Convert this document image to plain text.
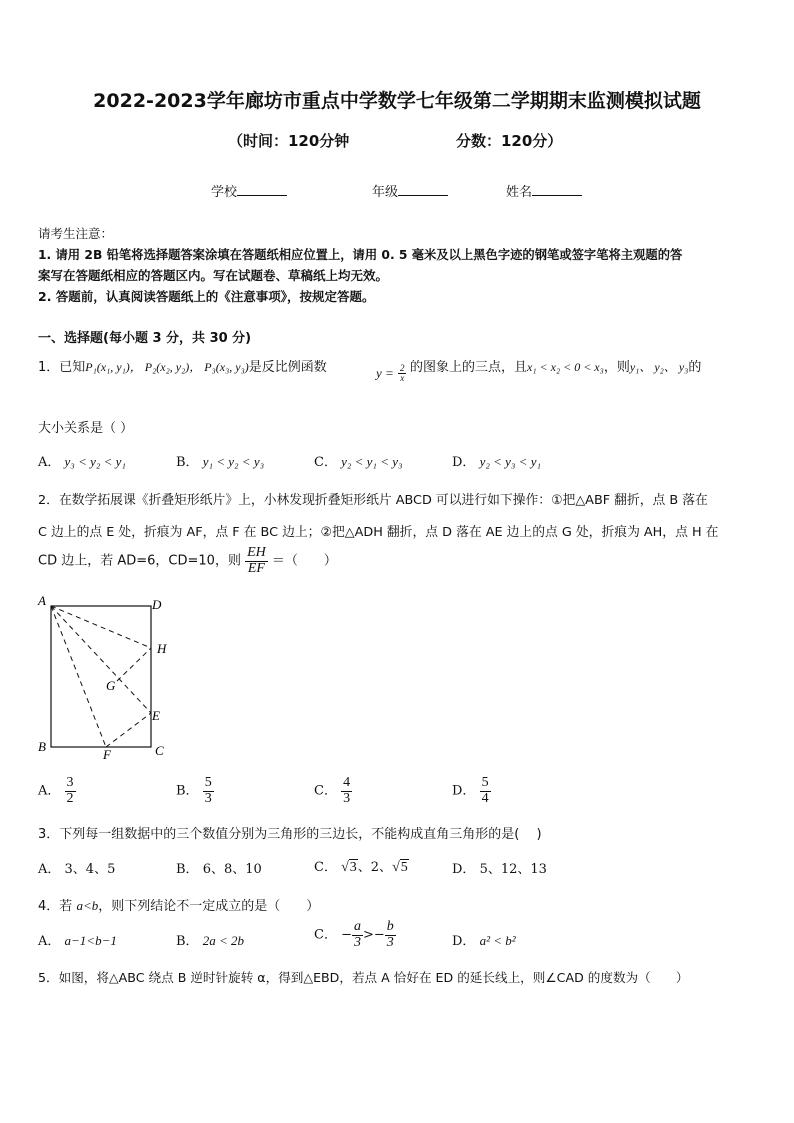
2022-2023学年廊坊市重点中学数学七年级第二学期期末监测模拟试题
（时间：120分钟	分数：120分）
学校	年级	姓名
请考生注意：
1. 请用 2B 铅笔将选择题答案涂填在答题纸相应位置上，请用 0. 5 毫米及以上黑色字迹的钢笔或签字笔将主观题的答
案写在答题纸相应的答题区内。写在试题卷、草稿纸上均无效。
2. 答题前，认真阅读答题纸上的《注意事项》，按规定答题。
一、选择题(每小题 3 分，共 30 分)
1．已知P₁(x₁, y₁)， P₂(x₂, y₂)， P₃(x₃, y₃)是反比例函数	$y = \frac{2}{x}$ 的图象上的三点，且x₁ < x₂ < 0 < x₃，则y₁、 y₂、 y₃的
大小关系是（ ）
A． y₃ < y₂ < y₁	B． y₁ < y₂ < y₃	C． y₂ < y₁ < y₃	D． y₂ < y₃ < y₁
2．在数学拓展课《折叠矩形纸片》上，小林发现折叠矩形纸片 ABCD 可以进行如下操作：①把△ABF 翻折，点 B 落在
C 边上的点 E 处，折痕为 AF，点 F 在 BC 边上；②把△ADH 翻折，点 D 落在 AE 边上的点 G 处，折痕为 AH，点 H 在
CD 边上，若 AD=6，CD=10，则 $\frac{EH}{EF}$ ＝（　　）
A	D
H
G
E
B	C
F
A． $\frac{3}{2}$	B． $\frac{5}{3}$	C． $\frac{4}{3}$	D． $\frac{5}{4}$
3．下列每一组数据中的三个数值分别为三角形的三边长，不能构成直角三角形的是(　 )
A． 3、4、5	B． 6、8、10	C． √3、2、√5	D． 5、12、13
4．若 a<b，则下列结论不一定成立的是（　　）
A． a−1<b−1	B． 2a < 2b	C． − $\frac{a}{3} >- \frac{b}{3}$	D． a² < b²
5．如图，将△ABC 绕点 B 逆时针旋转 α，得到△EBD，若点 A 恰好在 ED 的延长线上，则∠CAD 的度数为（　　）
